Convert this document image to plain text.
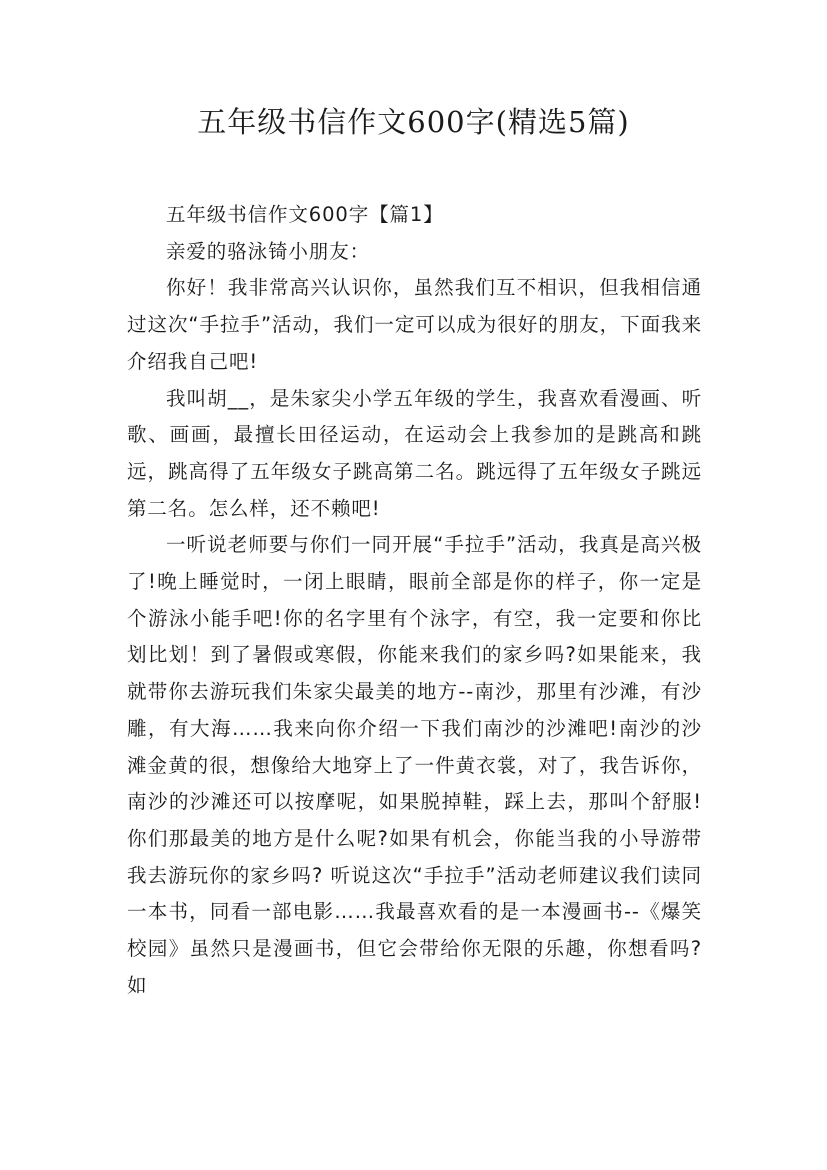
五年级书信作文600字(精选5篇)

五年级书信作文600字【篇1】

亲爱的骆泳锜小朋友：

你好！我非常高兴认识你，虽然我们互不相识，但我相信通过这次“手拉手”活动，我们一定可以成为很好的朋友，下面我来介绍我自己吧!

我叫胡__，是朱家尖小学五年级的学生，我喜欢看漫画、听歌、画画，最擅长田径运动，在运动会上我参加的是跳高和跳远，跳高得了五年级女子跳高第二名。跳远得了五年级女子跳远第二名。怎么样，还不赖吧!

一听说老师要与你们一同开展“手拉手”活动，我真是高兴极了!晚上睡觉时，一闭上眼睛，眼前全部是你的样子，你一定是个游泳小能手吧!你的名字里有个泳字，有空，我一定要和你比划比划！到了暑假或寒假，你能来我们的家乡吗?如果能来，我就带你去游玩我们朱家尖最美的地方--南沙，那里有沙滩，有沙雕，有大海……我来向你介绍一下我们南沙的沙滩吧!南沙的沙滩金黄的很，想像给大地穿上了一件黄衣裳，对了，我告诉你，南沙的沙滩还可以按摩呢，如果脱掉鞋，踩上去，那叫个舒服!你们那最美的地方是什么呢?如果有机会，你能当我的小导游带我去游玩你的家乡吗? 听说这次“手拉手”活动老师建议我们读同一本书，同看一部电影……我最喜欢看的是一本漫画书--《爆笑校园》虽然只是漫画书，但它会带给你无限的乐趣，你想看吗?如
